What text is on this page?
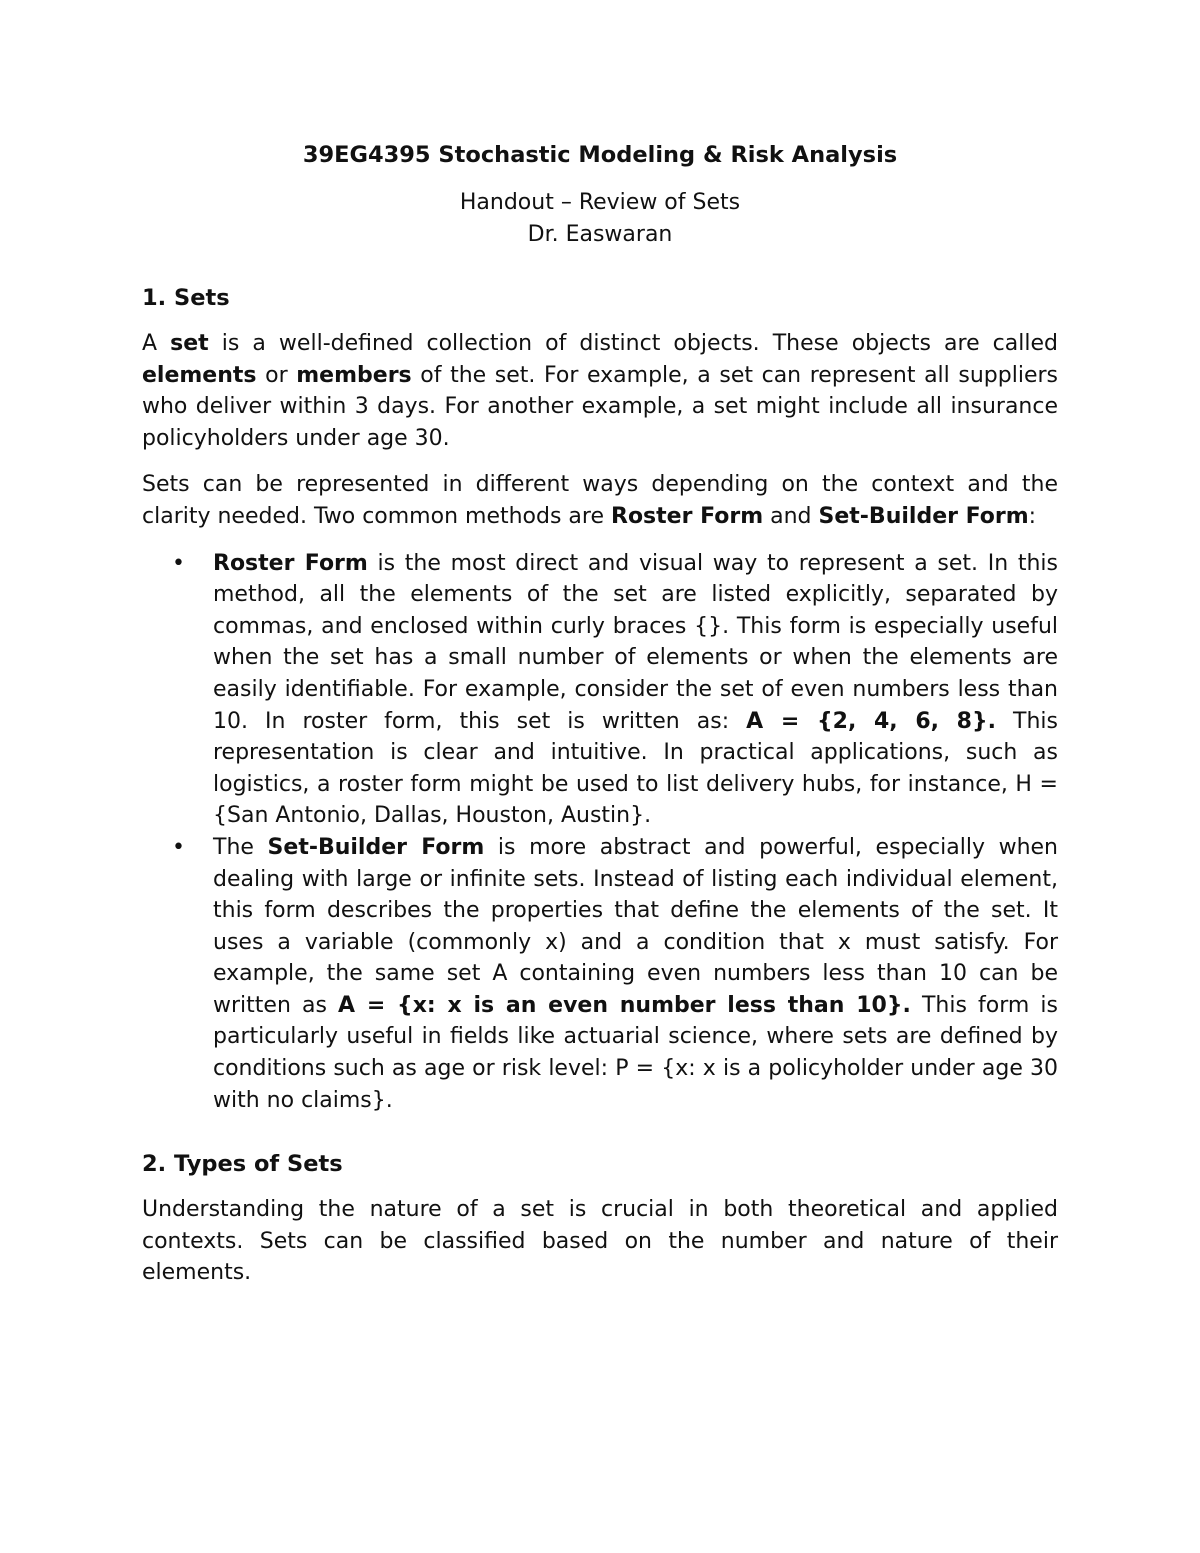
39EG4395 Stochastic Modeling & Risk Analysis
Handout – Review of Sets
Dr. Easwaran
1. Sets

A set is a well-defined collection of distinct objects. These objects are called elements or members of the set. For example, a set can represent all suppliers who deliver within 3 days. For another example, a set might include all insurance policyholders under age 30.

Sets can be represented in different ways depending on the context and the clarity needed. Two common methods are Roster Form and Set-Builder Form:

• Roster Form is the most direct and visual way to represent a set. In this method, all the elements of the set are listed explicitly, separated by commas, and enclosed within curly braces {}. This form is especially useful when the set has a small number of elements or when the elements are easily identifiable. For example, consider the set of even numbers less than 10. In roster form, this set is written as: A = {2, 4, 6, 8}. This representation is clear and intuitive. In practical applications, such as logistics, a roster form might be used to list delivery hubs, for instance, H = {San Antonio, Dallas, Houston, Austin}.
• The Set-Builder Form is more abstract and powerful, especially when dealing with large or infinite sets. Instead of listing each individual element, this form describes the properties that define the elements of the set. It uses a variable (commonly x) and a condition that x must satisfy. For example, the same set A containing even numbers less than 10 can be written as A = {x: x is an even number less than 10}. This form is particularly useful in fields like actuarial science, where sets are defined by conditions such as age or risk level: P = {x: x is a policyholder under age 30 with no claims}.
2. Types of Sets

Understanding the nature of a set is crucial in both theoretical and applied contexts. Sets can be classified based on the number and nature of their elements.
